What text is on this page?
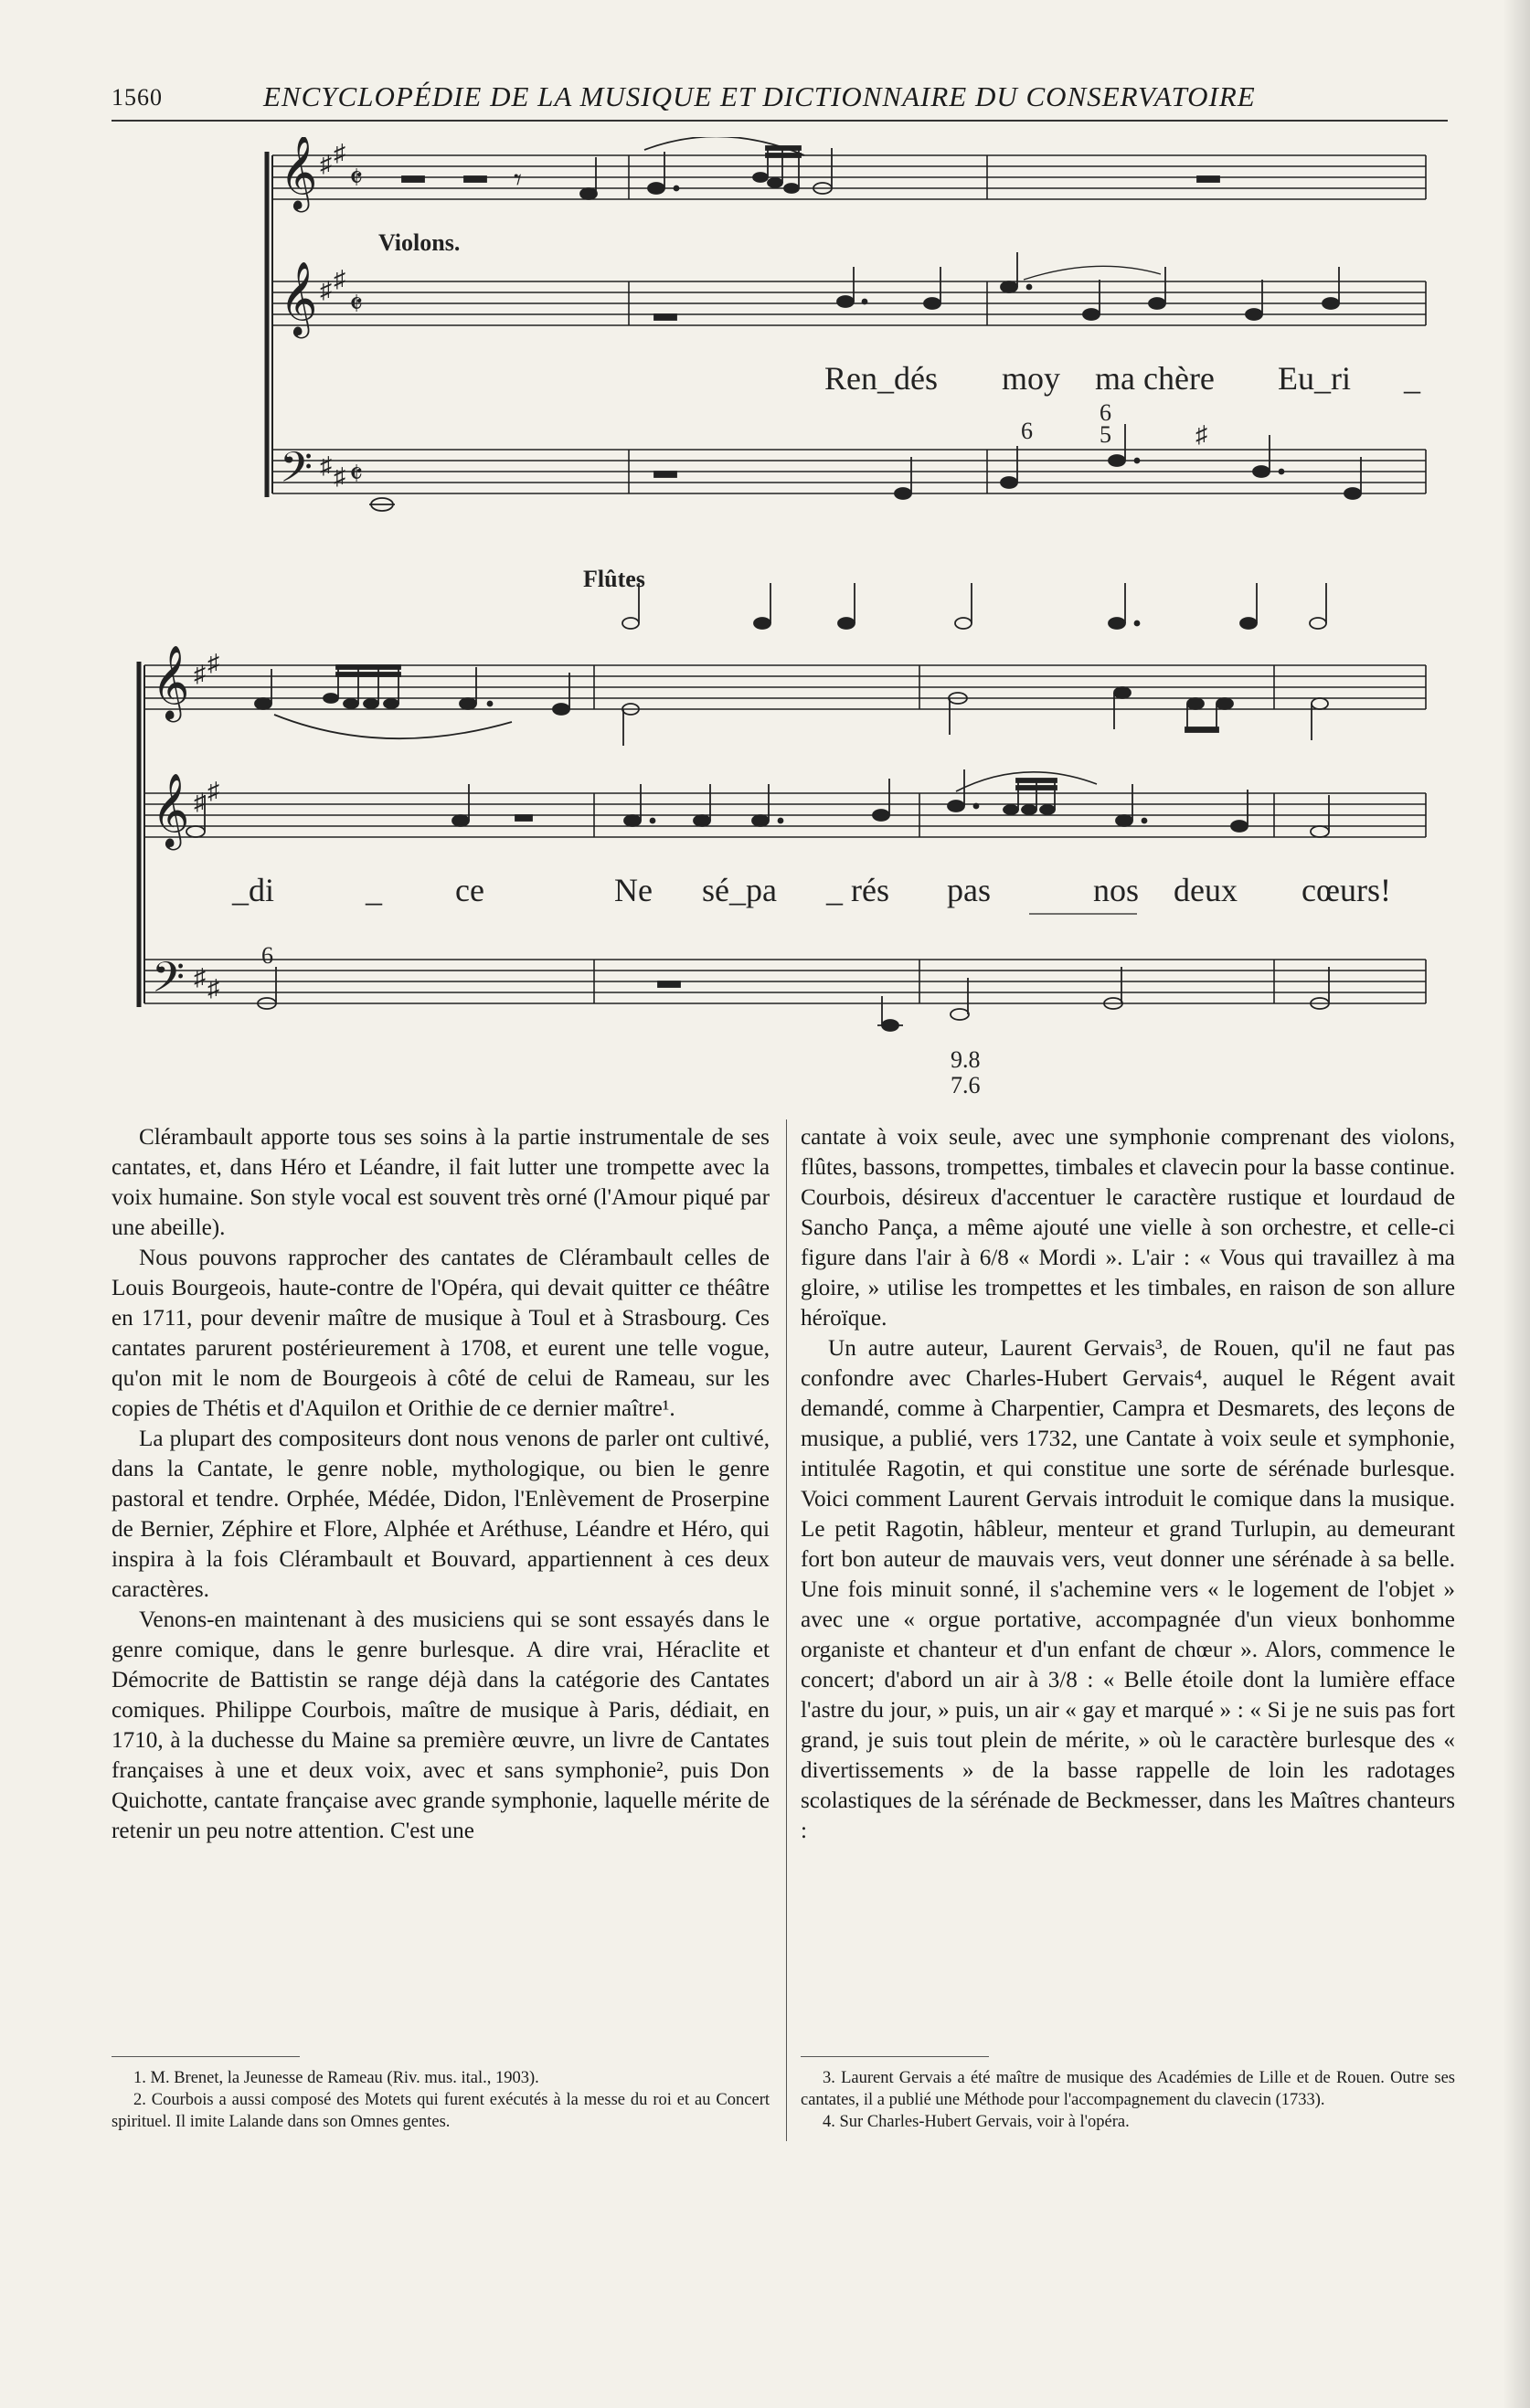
1560	ENCYCLOPÉDIE DE LA MUSIQUE ET DICTIONNAIRE DU CONSERVATOIRE
𝄞
𝄞
𝄢
♯ ♯
♯ ♯
♯ ♯
𝄵
𝄵
𝄵
𝄾
Violons.
Ren_dés moy ma chère Eu_ri _
6
6
5	♯
𝄞
𝄞
𝄢
♯ ♯
♯ ♯
♯ ♯
Flûtes
_di	_ ce	Ne sé_pa _ rés pas	nos deux cœurs!
6
9.8
7.6

Clérambault apporte tous ses soins à la partie instrumentale de ses cantates, et, dans Héro et Léandre, il fait lutter une trompette avec la voix humaine. Son style vocal est souvent très orné (l'Amour piqué par une abeille).

Nous pouvons rapprocher des cantates de Clérambault celles de Louis Bourgeois, haute-contre de l'Opéra, qui devait quitter ce théâtre en 1711, pour devenir maître de musique à Toul et à Strasbourg. Ces cantates parurent postérieurement à 1708, et eurent une telle vogue, qu'on mit le nom de Bourgeois à côté de celui de Rameau, sur les copies de Thétis et d'Aquilon et Orithie de ce dernier maître¹.

La plupart des compositeurs dont nous venons de parler ont cultivé, dans la Cantate, le genre noble, mythologique, ou bien le genre pastoral et tendre. Orphée, Médée, Didon, l'Enlèvement de Proserpine de Bernier, Zéphire et Flore, Alphée et Aréthuse, Léandre et Héro, qui inspira à la fois Clérambault et Bouvard, appartiennent à ces deux caractères.

Venons-en maintenant à des musiciens qui se sont essayés dans le genre comique, dans le genre burlesque. A dire vrai, Héraclite et Démocrite de Battistin se range déjà dans la catégorie des Cantates comiques. Philippe Courbois, maître de musique à Paris, dédiait, en 1710, à la duchesse du Maine sa première œuvre, un livre de Cantates françaises à une et deux voix, avec et sans symphonie², puis Don Quichotte, cantate française avec grande symphonie, laquelle mérite de retenir un peu notre attention. C'est une

cantate à voix seule, avec une symphonie comprenant des violons, flûtes, bassons, trompettes, timbales et clavecin pour la basse continue. Courbois, désireux d'accentuer le caractère rustique et lourdaud de Sancho Pança, a même ajouté une vielle à son orchestre, et celle-ci figure dans l'air à 6/8 « Mordi ». L'air : « Vous qui travaillez à ma gloire, » utilise les trompettes et les timbales, en raison de son allure héroïque.

Un autre auteur, Laurent Gervais³, de Rouen, qu'il ne faut pas confondre avec Charles-Hubert Gervais⁴, auquel le Régent avait demandé, comme à Charpentier, Campra et Desmarets, des leçons de musique, a publié, vers 1732, une Cantate à voix seule et symphonie, intitulée Ragotin, et qui constitue une sorte de sérénade burlesque. Voici comment Laurent Gervais introduit le comique dans la musique. Le petit Ragotin, hâbleur, menteur et grand Turlupin, au demeurant fort bon auteur de mauvais vers, veut donner une sérénade à sa belle. Une fois minuit sonné, il s'achemine vers « le logement de l'objet » avec une « orgue portative, accompagnée d'un vieux bonhomme organiste et chanteur et d'un enfant de chœur ». Alors, commence le concert; d'abord un air à 3/8 : « Belle étoile dont la lumière efface l'astre du jour, » puis, un air « gay et marqué » : « Si je ne suis pas fort grand, je suis tout plein de mérite, » où le caractère burlesque des « divertissements » de la basse rappelle de loin les radotages scolastiques de la sérénade de Beckmesser, dans les Maîtres chanteurs :

1. M. Brenet, la Jeunesse de Rameau (Riv. mus. ital., 1903).
2. Courbois a aussi composé des Motets qui furent exécutés à la messe du roi et au Concert spirituel. Il imite Lalande dans son Omnes gentes.
3. Laurent Gervais a été maître de musique des Académies de Lille et de Rouen. Outre ses cantates, il a publié une Méthode pour l'accompagnement du clavecin (1733).
4. Sur Charles-Hubert Gervais, voir à l'opéra.
